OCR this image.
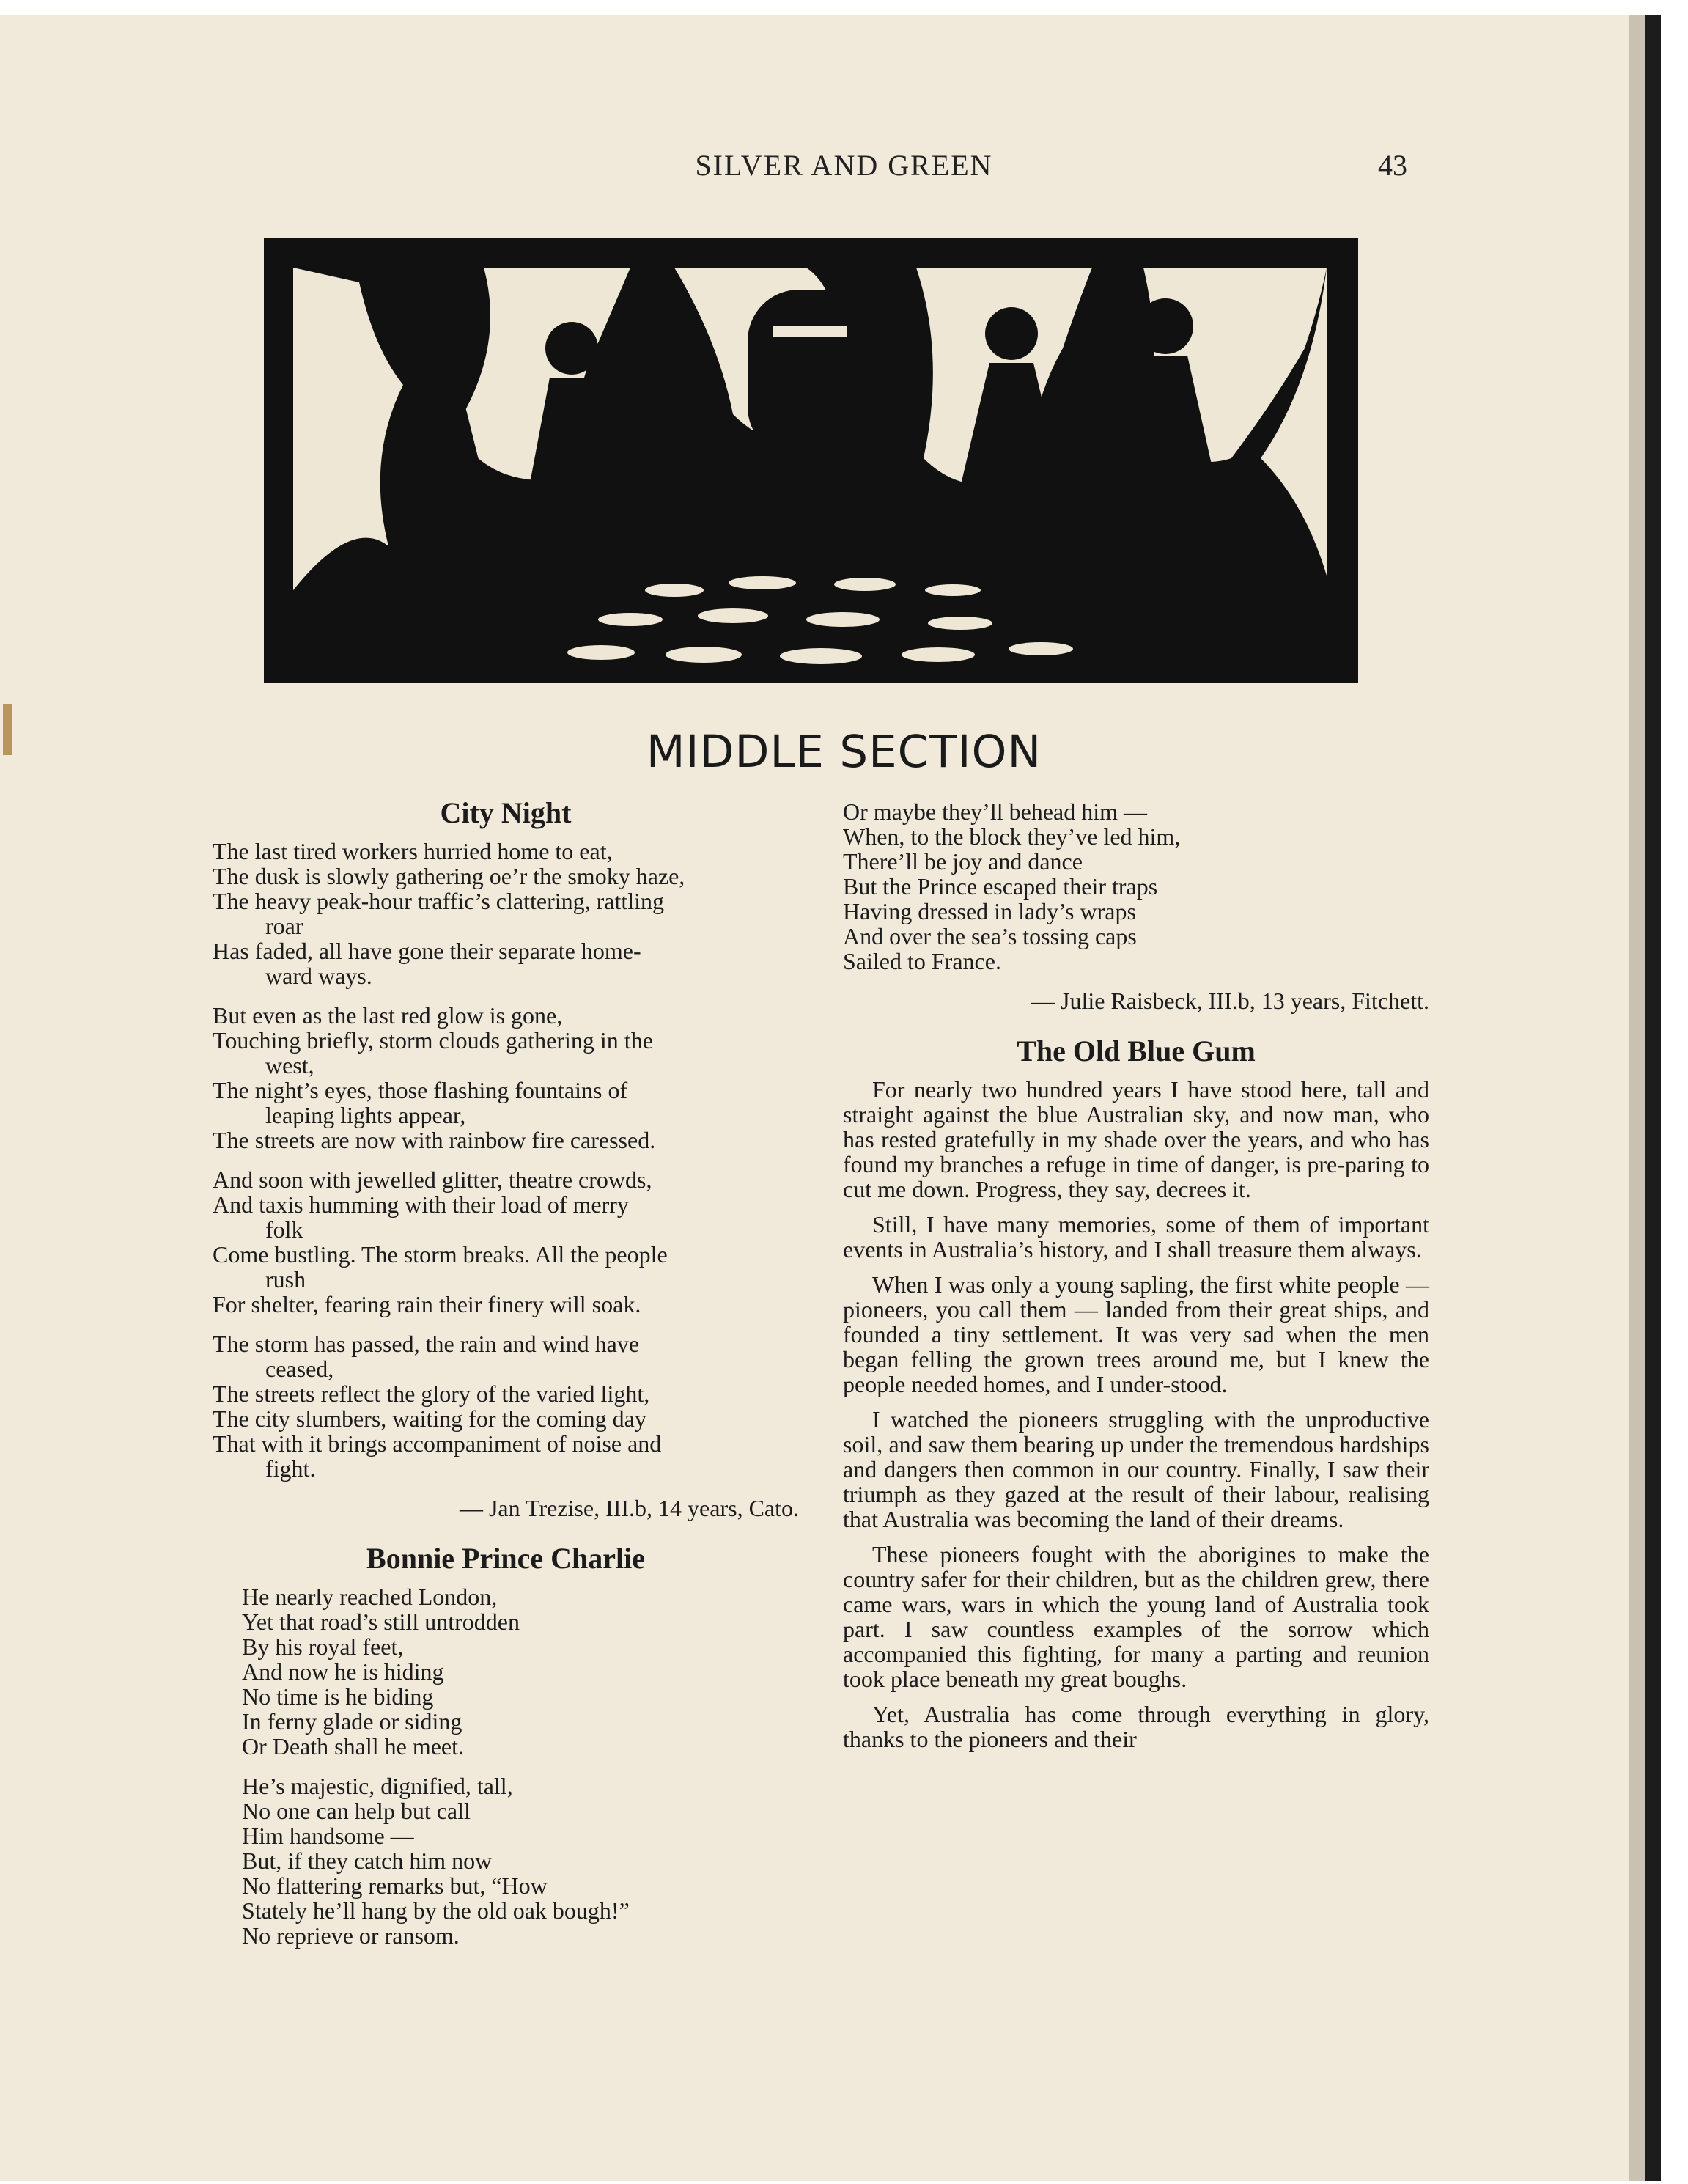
SILVER AND GREEN	43
MIDDLE SECTION
City Night
The last tired workers hurried home to eat,
The dusk is slowly gathering oe’r the smoky haze,
The heavy peak-hour traffic’s clattering, rattling
roar
Has faded, all have gone their separate home-
ward ways.
But even as the last red glow is gone,
Touching briefly, storm clouds gathering in the
west,
The night’s eyes, those flashing fountains of
leaping lights appear,
The streets are now with rainbow fire caressed.
And soon with jewelled glitter, theatre crowds,
And taxis humming with their load of merry
folk
Come bustling. The storm breaks. All the people
rush
For shelter, fearing rain their finery will soak.
The storm has passed, the rain and wind have
ceased,
The streets reflect the glory of the varied light,
The city slumbers, waiting for the coming day
That with it brings accompaniment of noise and
fight.
— Jan Trezise, III.b, 14 years, Cato.
Bonnie Prince Charlie
He nearly reached London,
Yet that road’s still untrodden
By his royal feet,
And now he is hiding
No time is he biding
In ferny glade or siding
Or Death shall he meet.
He’s majestic, dignified, tall,
No one can help but call
Him handsome —
But, if they catch him now
No flattering remarks but, “How
Stately he’ll hang by the old oak bough!”
No reprieve or ransom.
Or maybe they’ll behead him —
When, to the block they’ve led him,
There’ll be joy and dance
But the Prince escaped their traps
Having dressed in lady’s wraps
And over the sea’s tossing caps
Sailed to France.
— Julie Raisbeck, III.b, 13 years, Fitchett.
The Old Blue Gum
For nearly two hundred years I have stood here, tall and straight against the blue Australian sky, and now man, who has rested gratefully in my shade over the years, and who has found my branches a refuge in time of danger, is pre-paring to cut me down. Progress, they say, decrees it.
Still, I have many memories, some of them of important events in Australia’s history, and I shall treasure them always.
When I was only a young sapling, the first white people — pioneers, you call them — landed from their great ships, and founded a tiny settlement. It was very sad when the men began felling the grown trees around me, but I knew the people needed homes, and I under-stood.
I watched the pioneers struggling with the unproductive soil, and saw them bearing up under the tremendous hardships and dangers then common in our country. Finally, I saw their triumph as they gazed at the result of their labour, realising that Australia was becoming the land of their dreams.
These pioneers fought with the aborigines to make the country safer for their children, but as the children grew, there came wars, wars in which the young land of Australia took part. I saw countless examples of the sorrow which accompanied this fighting, for many a parting and reunion took place beneath my great boughs.
Yet, Australia has come through everything in glory, thanks to the pioneers and their
